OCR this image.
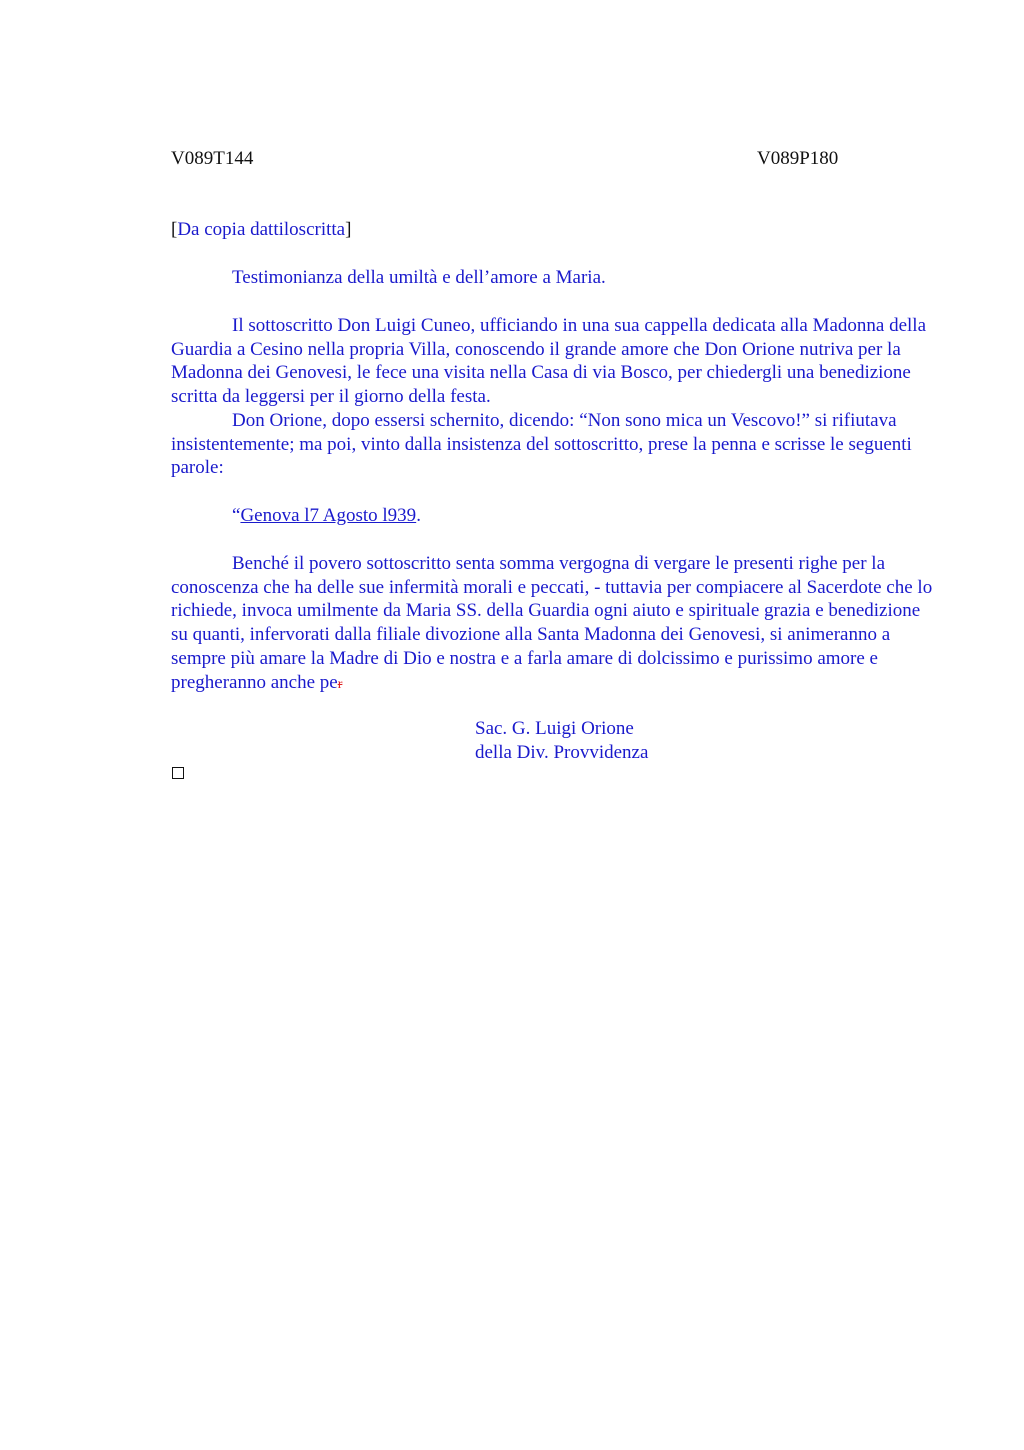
V089T144	V089P180
[Da copia dattiloscritta]
Testimonianza della umiltà e dell’amore a Maria.

Il sottoscritto Don Luigi Cuneo, ufficiando in una sua cappella dedicata alla Madonna della Guardia a Cesino nella propria Villa, conoscendo il grande amore che Don Orione nutriva per la Madonna dei Genovesi, le fece una visita nella Casa di via Bosco, per chiedergli una benedizione scritta da leggersi per il giorno della festa.

Don Orione, dopo essersi schernito, dicendo: “Non sono mica un Vescovo!” si rifiutava insistentemente; ma poi, vinto dalla insistenza del sottoscritto, prese la penna e scrisse le seguenti parole:

“Genova l7 Agosto l939.

Benché il povero sottoscritto senta somma vergogna di vergare le presenti righe per la conoscenza che ha delle sue infermità morali e peccati, - tuttavia per compiacere al Sacerdote che lo richiede, invoca umilmente da Maria SS. della Guardia ogni aiuto e spirituale grazia e benedizione su quanti, infervorati dalla filiale divozione alla Santa Madonna dei Genovesi, si animeranno a sempre più amare la Madre di Dio e nostra e a farla amare di dolcissimo e purissimo amore e pregheranno anche per

Sac. G. Luigi Orione
della Div. Provvidenza
